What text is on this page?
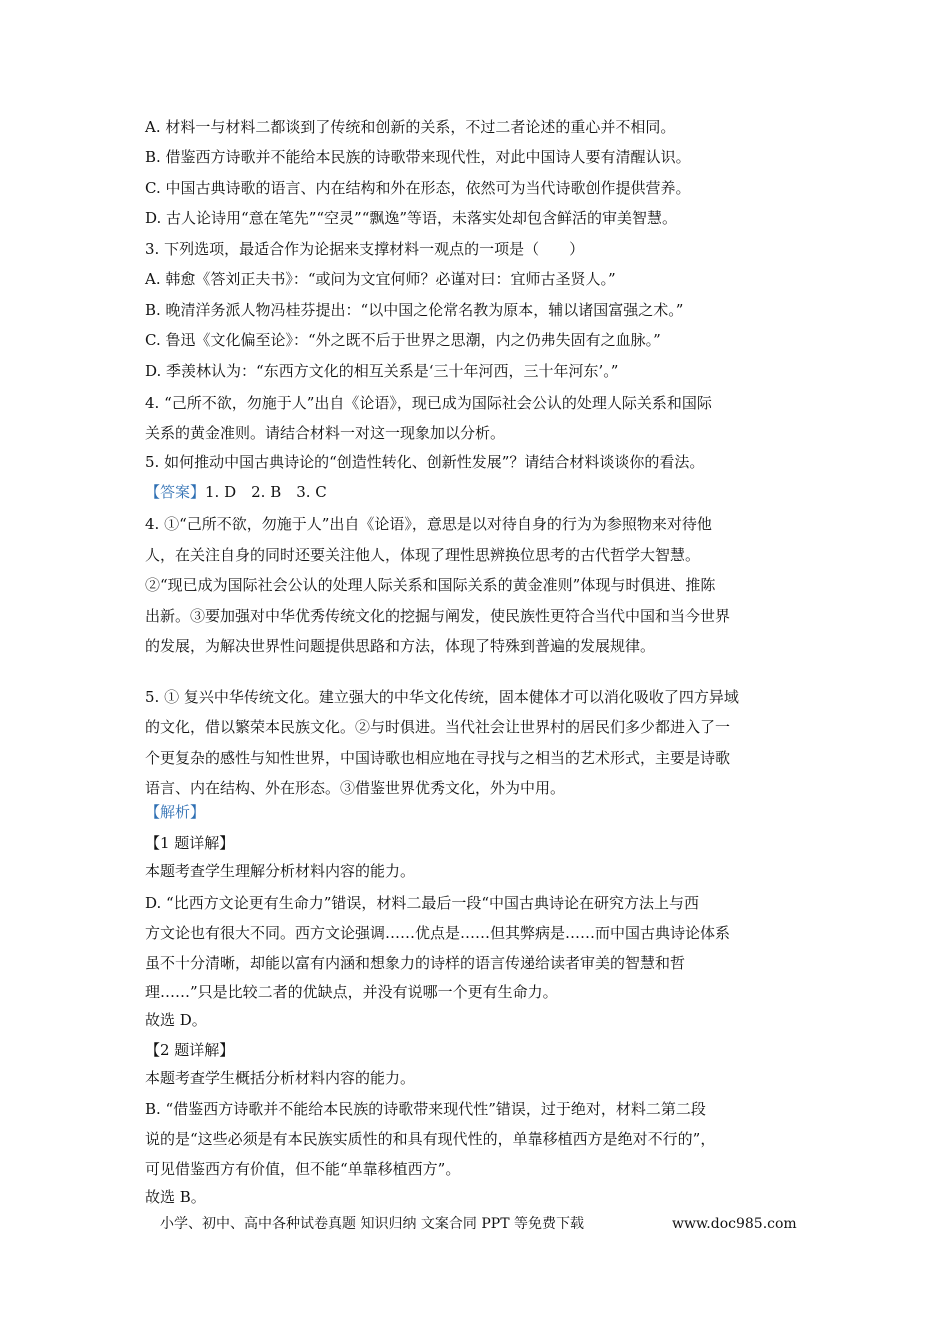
A. 材料一与材料二都谈到了传统和创新的关系，不过二者论述的重心并不相同。
B. 借鉴西方诗歌并不能给本民族的诗歌带来现代性，对此中国诗人要有清醒认识。
C. 中国古典诗歌的语言、内在结构和外在形态，依然可为当代诗歌创作提供营养。
D. 古人论诗用“意在笔先”“空灵”“飘逸”等语，未落实处却包含鲜活的审美智慧。
3. 下列选项，最适合作为论据来支撑材料一观点的一项是（　　）
A. 韩愈《答刘正夫书》：“或问为文宜何师？必谨对曰：宜师古圣贤人。”
B. 晚清洋务派人物冯桂芬提出：“以中国之伦常名教为原本，辅以诸国富强之术。”
C. 鲁迅《文化偏至论》：“外之既不后于世界之思潮，内之仍弗失固有之血脉。”
D. 季羡林认为：“东西方文化的相互关系是‘三十年河西，三十年河东’。”
4. “己所不欲，勿施于人”出自《论语》，现已成为国际社会公认的处理人际关系和国际
关系的黄金准则。请结合材料一对这一现象加以分析。
5. 如何推动中国古典诗论的“创造性转化、创新性发展”？请结合材料谈谈你的看法。
【答案】1. D　2. B　3. C
4. ①“己所不欲，勿施于人”出自《论语》，意思是以对待自身的行为为参照物来对待他
人，在关注自身的同时还要关注他人，体现了理性思辨换位思考的古代哲学大智慧。
②“现已成为国际社会公认的处理人际关系和国际关系的黄金准则”体现与时俱进、推陈
出新。③要加强对中华优秀传统文化的挖掘与阐发，使民族性更符合当代中国和当今世界
的发展，为解决世界性问题提供思路和方法，体现了特殊到普遍的发展规律。
5. ① 复兴中华传统文化。建立强大的中华文化传统，固本健体才可以消化吸收了四方异域
的文化，借以繁荣本民族文化。②与时俱进。当代社会让世界村的居民们多少都进入了一
个更复杂的感性与知性世界，中国诗歌也相应地在寻找与之相当的艺术形式，主要是诗歌
语言、内在结构、外在形态。③借鉴世界优秀文化，外为中用。
【解析】
【1 题详解】
本题考查学生理解分析材料内容的能力。
D. “比西方文论更有生命力”错误，材料二最后一段“中国古典诗论在研究方法上与西
方文论也有很大不同。西方文论强调……优点是……但其弊病是……而中国古典诗论体系
虽不十分清晰，却能以富有内涵和想象力的诗样的语言传递给读者审美的智慧和哲
理……”只是比较二者的优缺点，并没有说哪一个更有生命力。
故选 D。
【2 题详解】
本题考查学生概括分析材料内容的能力。
B. “借鉴西方诗歌并不能给本民族的诗歌带来现代性”错误，过于绝对，材料二第二段
说的是“这些必须是有本民族实质性的和具有现代性的，单靠移植西方是绝对不行的”，
可见借鉴西方有价值，但不能“单靠移植西方”。
故选 B。
小学、初中、高中各种试卷真题 知识归纳 文案合同 PPT 等免费下载	www.doc985.com
